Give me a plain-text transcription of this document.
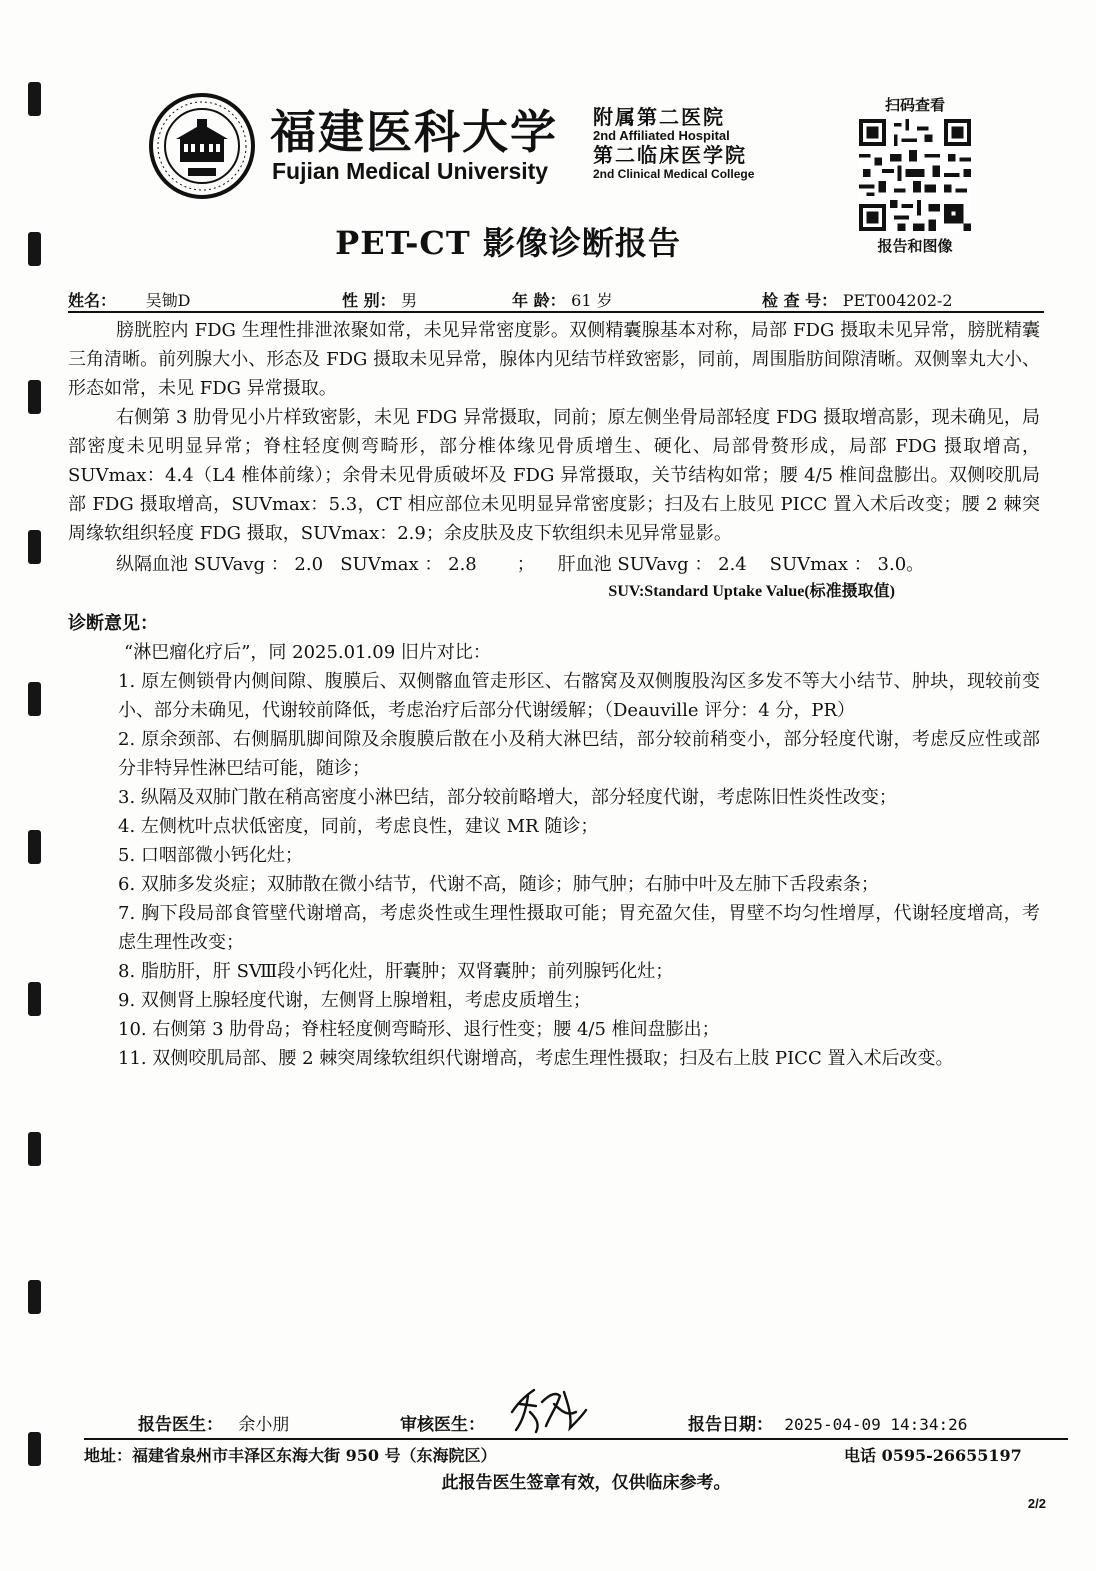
福建医科大学
Fujian Medical University
附属第二医院
2nd Affiliated Hospital
第二临床医学院
2nd Clinical Medical College
扫码查看
报告和图像
PET-CT 影像诊断报告
姓名： 吴锄D	性 别： 男	年 龄： 61 岁	检 查 号： PET004202-2

膀胱腔内 FDG 生理性排泄浓聚如常，未见异常密度影。双侧精囊腺基本对称，局部 FDG 摄取未见异常，膀胱精囊三角清晰。前列腺大小、形态及 FDG 摄取未见异常，腺体内见结节样致密影，同前，周围脂肪间隙清晰。双侧睾丸大小、形态如常，未见 FDG 异常摄取。

右侧第 3 肋骨见小片样致密影，未见 FDG 异常摄取，同前；原左侧坐骨局部轻度 FDG 摄取增高影，现未确见，局部密度未见明显异常；脊柱轻度侧弯畸形，部分椎体缘见骨质增生、硬化、局部骨赘形成，局部 FDG 摄取增高，SUVmax：4.4（L4 椎体前缘）；余骨未见骨质破坏及 FDG 异常摄取，关节结构如常；腰 4/5 椎间盘膨出。双侧咬肌局部 FDG 摄取增高，SUVmax：5.3，CT 相应部位未见明显异常密度影；扫及右上肢见 PICC 置入术后改变；腰 2 棘突周缘软组织轻度 FDG 摄取，SUVmax：2.9；余皮肤及皮下软组织未见异常显影。

纵隔血池 SUVavg ： 2.0   SUVmax ： 2.8       ；    肝血池 SUVavg ： 2.4    SUVmax ： 3.0。

SUV:Standard Uptake Value(标准摄取值)

诊断意见：

“淋巴瘤化疗后”，同 2025.01.09 旧片对比：

1. 原左侧锁骨内侧间隙、腹膜后、双侧髂血管走形区、右髂窝及双侧腹股沟区多发不等大小结节、肿块，现较前变小、部分未确见，代谢较前降低，考虑治疗后部分代谢缓解；（Deauville 评分：4 分，PR）
2. 原余颈部、右侧膈肌脚间隙及余腹膜后散在小及稍大淋巴结，部分较前稍变小，部分轻度代谢，考虑反应性或部分非特异性淋巴结可能，随诊；
3. 纵隔及双肺门散在稍高密度小淋巴结，部分较前略增大，部分轻度代谢，考虑陈旧性炎性改变；
4. 左侧枕叶点状低密度，同前，考虑良性，建议 MR 随诊；
5. 口咽部微小钙化灶；
6. 双肺多发炎症；双肺散在微小结节，代谢不高，随诊；肺气肿；右肺中叶及左肺下舌段索条；
7. 胸下段局部食管壁代谢增高，考虑炎性或生理性摄取可能；胃充盈欠佳，胃壁不均匀性增厚，代谢轻度增高，考虑生理性改变；
8. 脂肪肝，肝 SⅧ段小钙化灶，肝囊肿；双肾囊肿；前列腺钙化灶；
9. 双侧肾上腺轻度代谢，左侧肾上腺增粗，考虑皮质增生；
10. 右侧第 3 肋骨岛；脊柱轻度侧弯畸形、退行性变；腰 4/5 椎间盘膨出；
11. 双侧咬肌局部、腰 2 棘突周缘软组织代谢增高，考虑生理性摄取；扫及右上肢 PICC 置入术后改变。
报告医生： 余小朋	审核医生：	报告日期： 2025-04-09 14:34:26
地址：福建省泉州市丰泽区东海大街 950 号（东海院区）	电话 0595-26655197
此报告医生签章有效，仅供临床参考。
2/2
